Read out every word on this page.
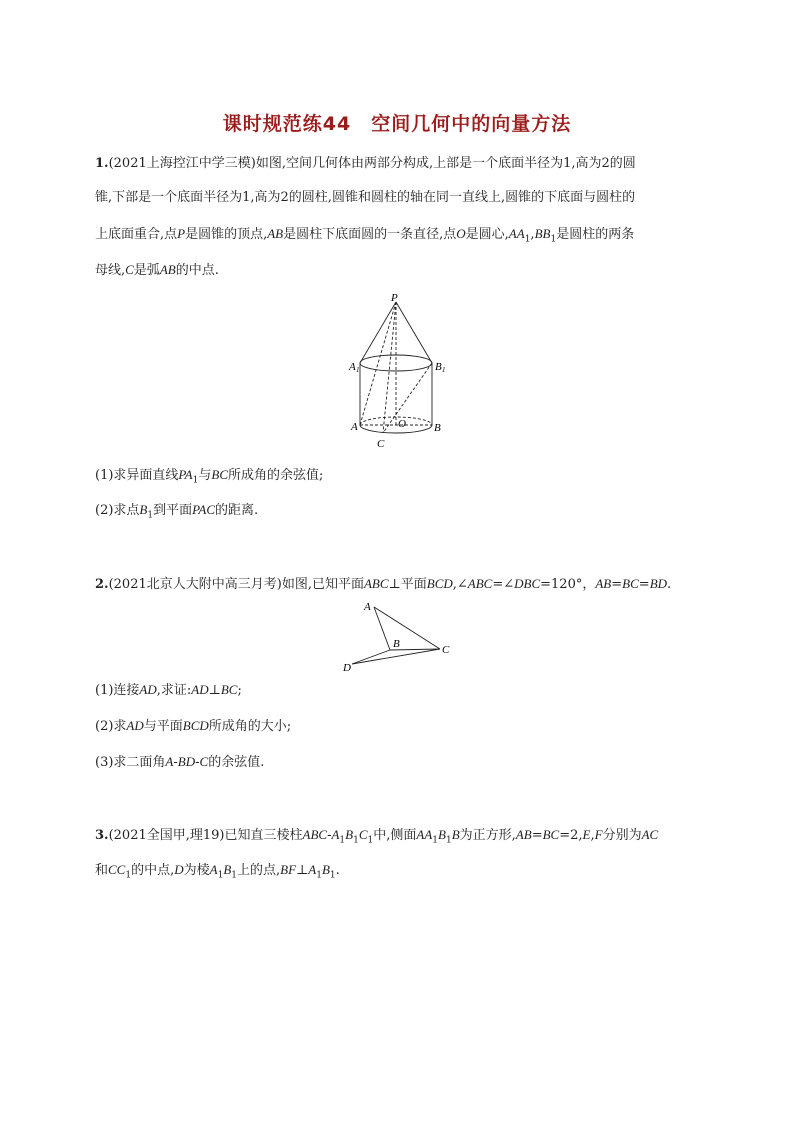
课时规范练44　空间几何中的向量方法
1.(2021上海控江中学三模)如图,空间几何体由两部分构成,上部是一个底面半径为1,高为2的圆
锥,下部是一个底面半径为1,高为2的圆柱,圆锥和圆柱的轴在同一直线上,圆锥的下底面与圆柱的
上底面重合,点P是圆锥的顶点,AB是圆柱下底面圆的一条直径,点O是圆心$,AA_1,BB_1$是圆柱的两条
母线,C是弧AB的中点.
P
A 1	B 1
A	O	B
C
(1)求异面直线$PA_1$与BC所成角的余弦值;
(2)求点$B_1$到平面PAC的距离.
2.(2021北京人大附中高三月考)如图,已知平面ABC⊥平面BCD,∠ABC=∠DBC=120°，AB=BC=BD.
A
B	C
D
(1)连接AD,求证:AD⊥BC;
(2)求AD与平面BCD所成角的大小;
(3)求二面角A-BD-C的余弦值.
3.(2021全国甲,理19)已知直三棱柱ABC-$A_1B_1C_1$中,侧面$AA_1B_1B$为正方形,AB=BC=2,E,F分别为AC
和$CC_1$的中点,D为棱$A_1B_1$上的点$,BF\perp A_1B_1$.
